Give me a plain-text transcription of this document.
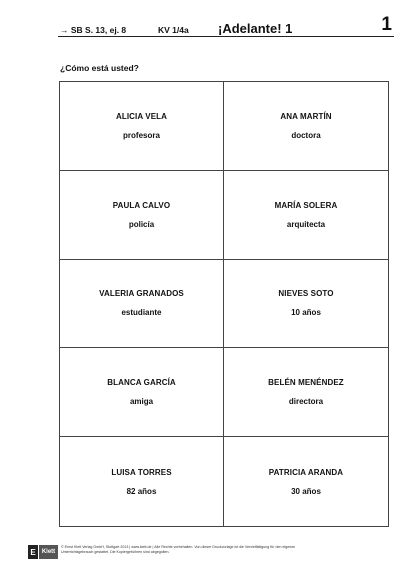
→ SB S. 13, ej. 8	KV 1/4a ¡Adelante! 1	1
¿Cómo está usted?
ALICIA VELA
profesora
ANA MARTÍN
doctora
PAULA CALVO
policía
MARÍA SOLERA
arquitecta
VALERIA GRANADOS
estudiante
NIEVES SOTO
10 años
BLANCA GARCÍA
amiga
BELÉN MENÉNDEZ
directora
LUISA TORRES
82 años
PATRICIA ARANDA
30 años
E	Klett
© Ernst Klett Verlag GmbH, Stuttgart 2013 | www.klett.de | Alle Rechte vorbehalten. Von dieser Druckvorlage ist die Vervielfältigung für den eigenen Unterrichtsgebrauch gestattet. Die Kopiergebühren sind abgegolten.
